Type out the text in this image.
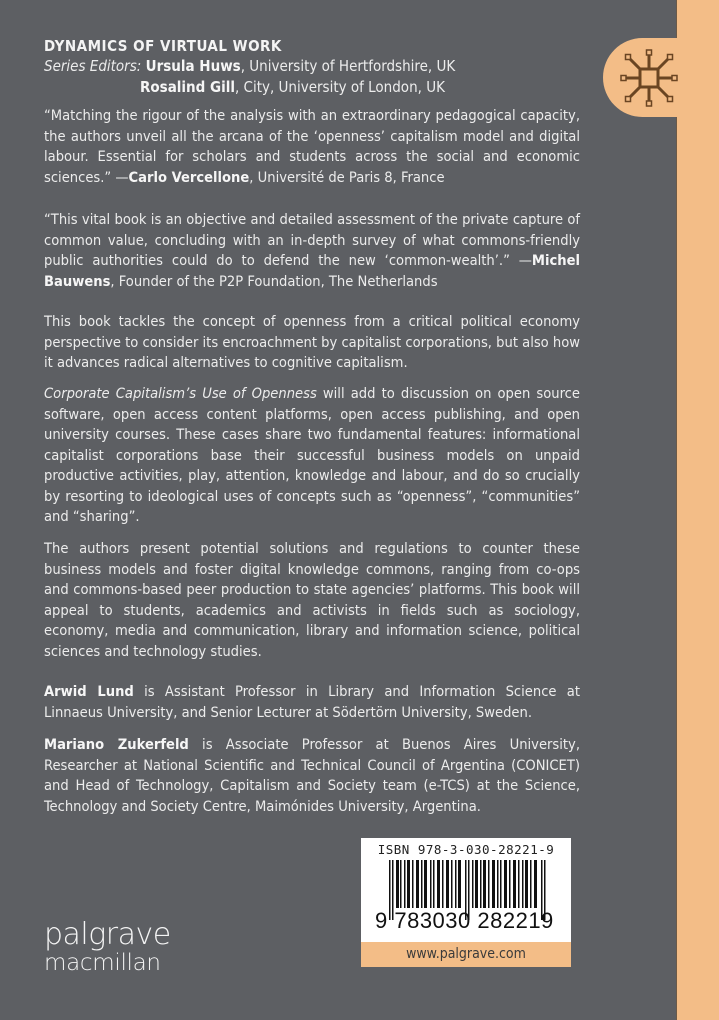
DYNAMICS OF VIRTUAL WORK
Series Editors: Ursula Huws, University of Hertfordshire, UK
Rosalind Gill, City, University of London, UK

“Matching the rigour of the analysis with an extraordinary pedagogical capacity, the authors unveil all the arcana of the ‘openness’ capitalism model and digital labour. Essential for scholars and students across the social and economic sciences.” —Carlo Vercellone, Université de Paris 8, France

“This vital book is an objective and detailed assessment of the private capture of common value, concluding with an in-depth survey of what commons-friendly public authorities could do to defend the new ‘common-wealth’.” —Michel Bauwens, Founder of the P2P Foundation, The Netherlands

This book tackles the concept of openness from a critical political economy perspective to consider its encroachment by capitalist corporations, but also how it advances radical alternatives to cognitive capitalism.

Corporate Capitalism’s Use of Openness will add to discussion on open source software, open access content platforms, open access publishing, and open university courses. These cases share two fundamental features: informational capitalist corporations base their successful business models on unpaid productive activities, play, attention, knowledge and labour, and do so crucially by resorting to ideological uses of concepts such as “openness”, “communities” and “sharing”.

The authors present potential solutions and regulations to counter these business models and foster digital knowledge commons, ranging from co-ops and commons-based peer production to state agencies’ platforms. This book will appeal to students, academics and activists in fields such as sociology, economy, media and communication, library and information science, political sciences and technology studies.

Arwid Lund is Assistant Professor in Library and Information Science at Linnaeus University, and Senior Lecturer at Södertörn University, Sweden.

Mariano Zukerfeld is Associate Professor at Buenos Aires University, Researcher at National Scientific and Technical Council of Argentina (CONICET) and Head of Technology, Capitalism and Society team (e-TCS) at the Science, Technology and Society Centre, Maimónides University, Argentina.

ISBN 978-3-030-28221-9
9 783030 282219
www.palgrave.com
palgrave
macmillan
